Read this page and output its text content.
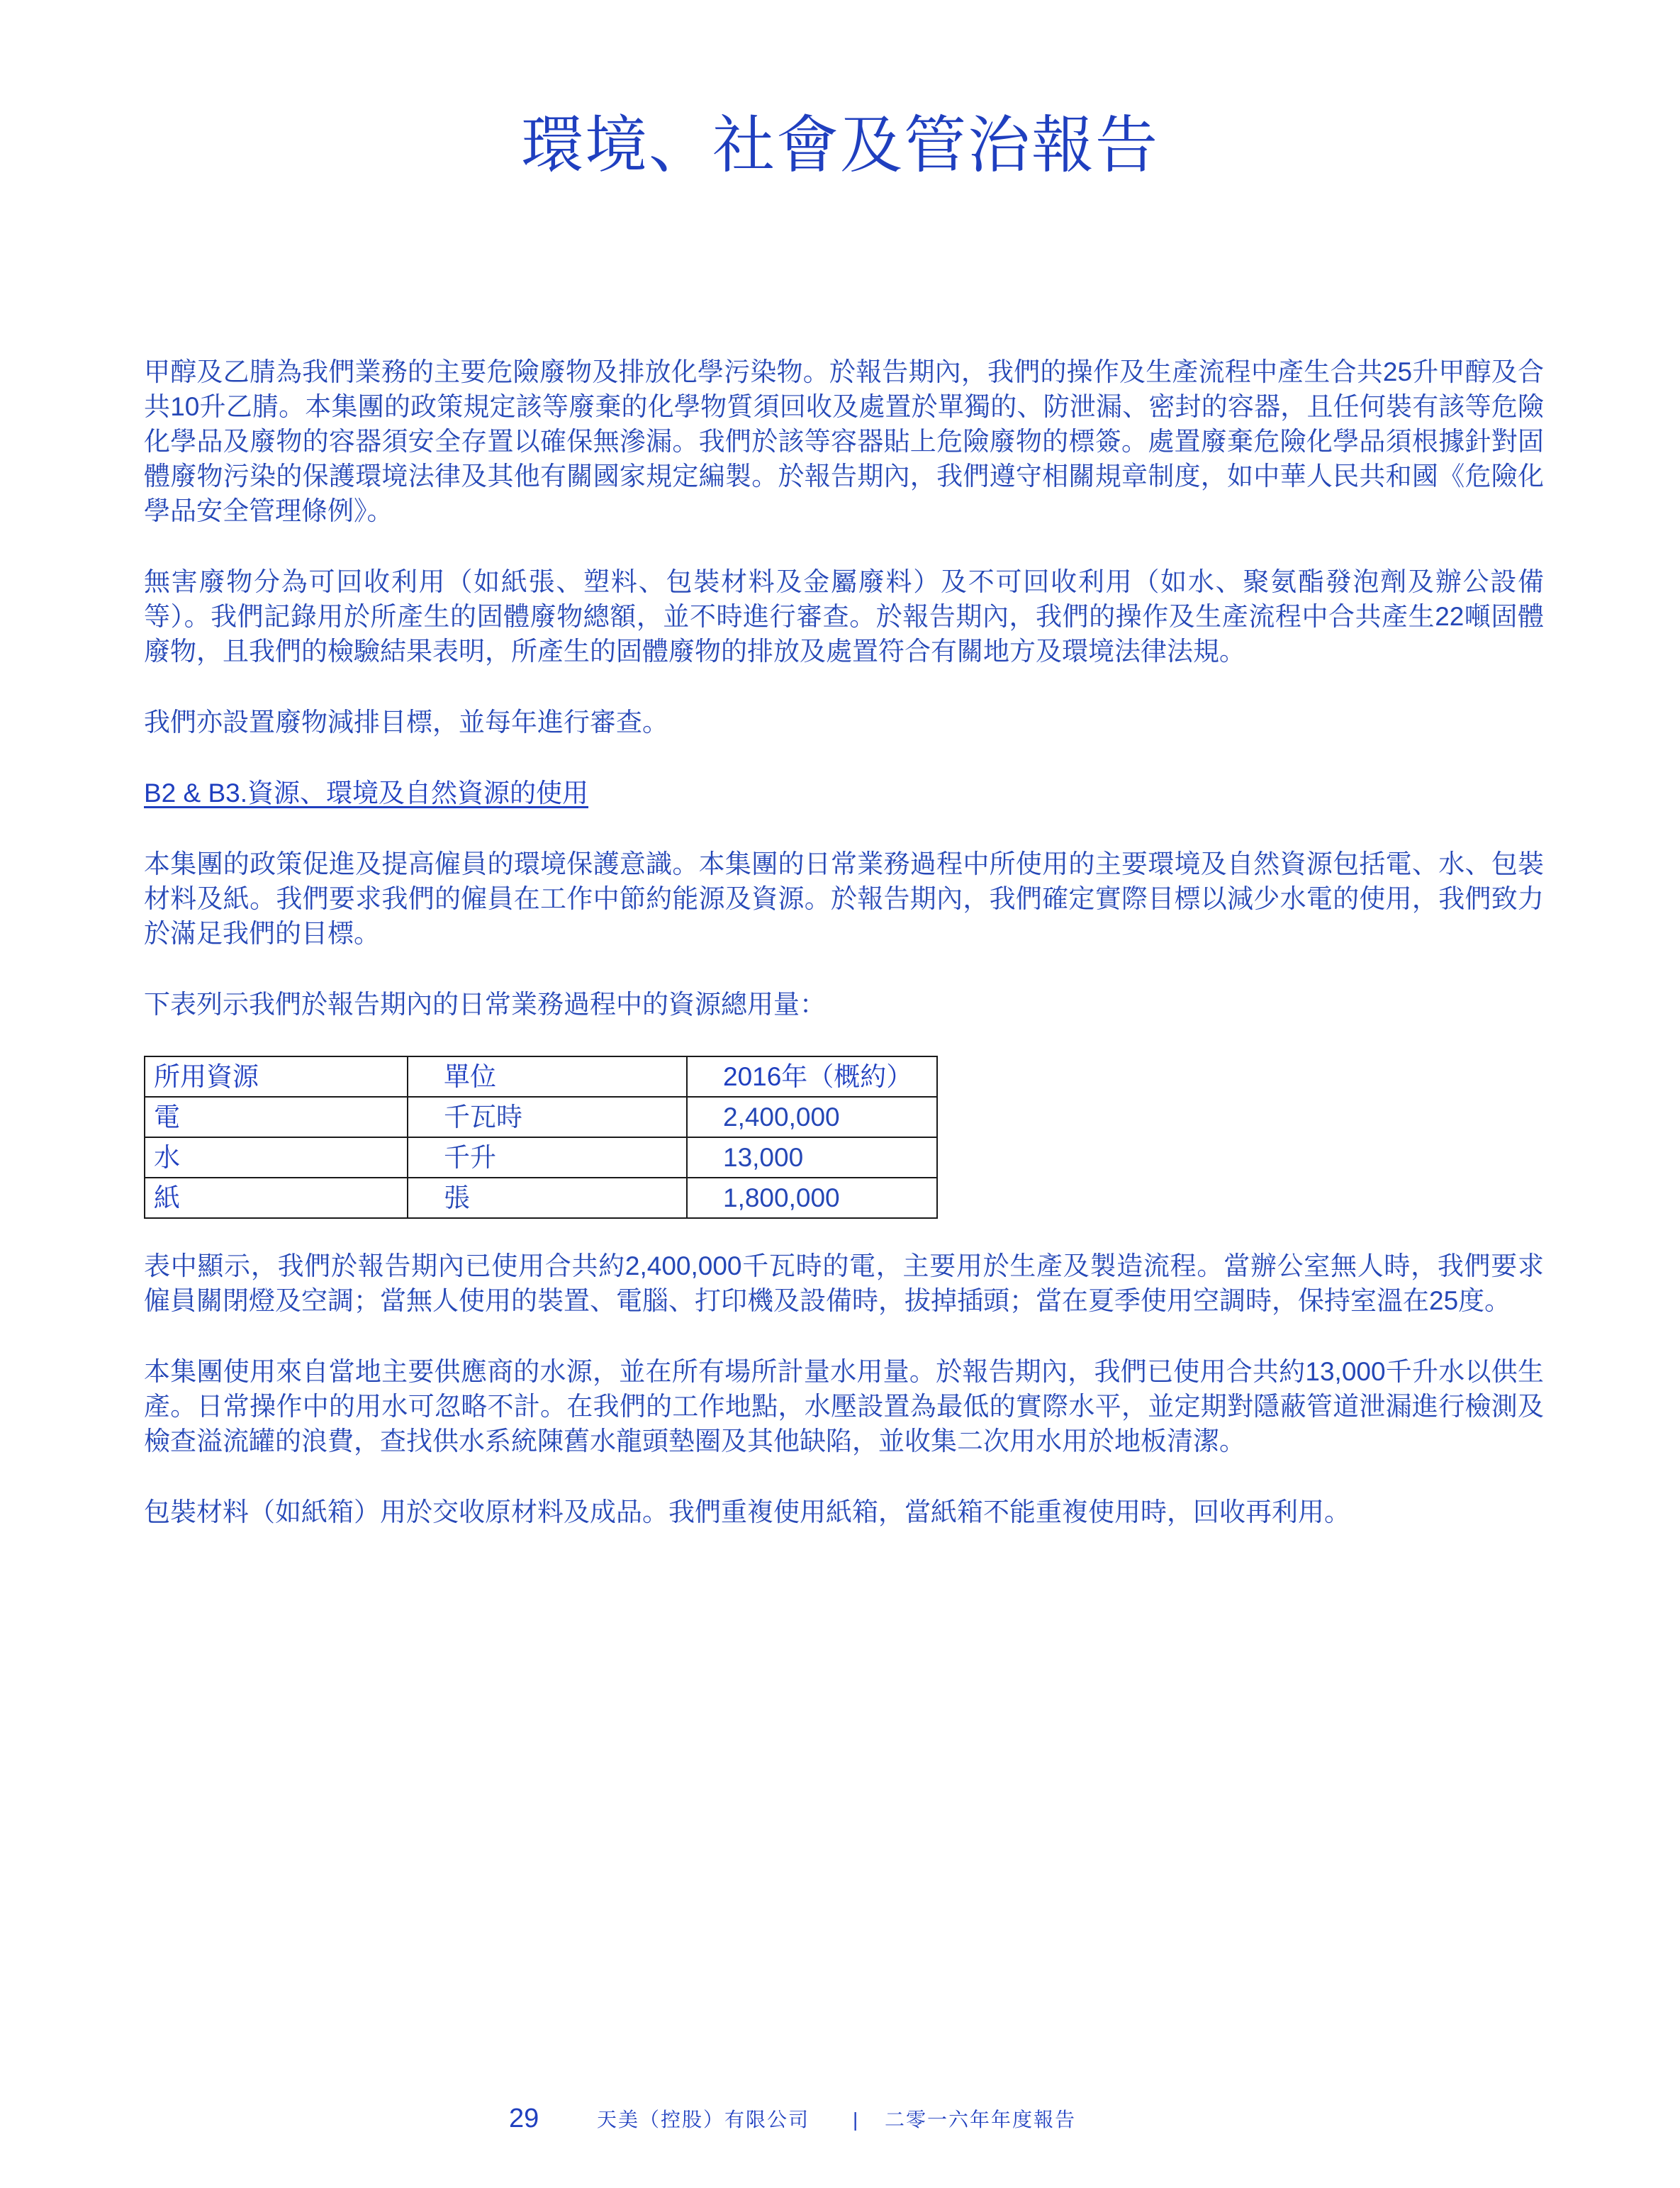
環境、社會及管治報告

甲醇及乙腈為我們業務的主要危險廢物及排放化學污染物。於報告期內，我們的操作及生產流程中產生合共25升甲醇及合共10升乙腈。本集團的政策規定該等廢棄的化學物質須回收及處置於單獨的、防泄漏、密封的容器，且任何裝有該等危險化學品及廢物的容器須安全存置以確保無滲漏。我們於該等容器貼上危險廢物的標簽。處置廢棄危險化學品須根據針對固體廢物污染的保護環境法律及其他有關國家規定編製。於報告期內，我們遵守相關規章制度，如中華人民共和國《危險化學品安全管理條例》。

無害廢物分為可回收利用（如紙張、塑料、包裝材料及金屬廢料）及不可回收利用（如水、聚氨酯發泡劑及辦公設備等）。我們記錄用於所產生的固體廢物總額，並不時進行審查。於報告期內，我們的操作及生產流程中合共產生22噸固體廢物，且我們的檢驗結果表明，所產生的固體廢物的排放及處置符合有關地方及環境法律法規。

我們亦設置廢物減排目標，並每年進行審查。

B2 & B3.資源、環境及自然資源的使用

本集團的政策促進及提高僱員的環境保護意識。本集團的日常業務過程中所使用的主要環境及自然資源包括電、水、包裝材料及紙。我們要求我們的僱員在工作中節約能源及資源。於報告期內，我們確定實際目標以減少水電的使用，我們致力於滿足我們的目標。

下表列示我們於報告期內的日常業務過程中的資源總用量：

所用資源	單位	2016年（概約）
電	千瓦時	2,400,000
水	千升	13,000
紙	張	1,800,000

表中顯示，我們於報告期內已使用合共約2,400,000千瓦時的電，主要用於生產及製造流程。當辦公室無人時，我們要求僱員關閉燈及空調；當無人使用的裝置、電腦、打印機及設備時，拔掉插頭；當在夏季使用空調時，保持室溫在25度。

本集團使用來自當地主要供應商的水源，並在所有場所計量水用量。於報告期內，我們已使用合共約13,000千升水以供生產。日常操作中的用水可忽略不計。在我們的工作地點，水壓設置為最低的實際水平，並定期對隱蔽管道泄漏進行檢測及檢查溢流罐的浪費，查找供水系統陳舊水龍頭墊圈及其他缺陷，並收集二次用水用於地板清潔。

包裝材料（如紙箱）用於交收原材料及成品。我們重複使用紙箱，當紙箱不能重複使用時，回收再利用。

29	天美（控股）有限公司 | 二零一六年年度報告
